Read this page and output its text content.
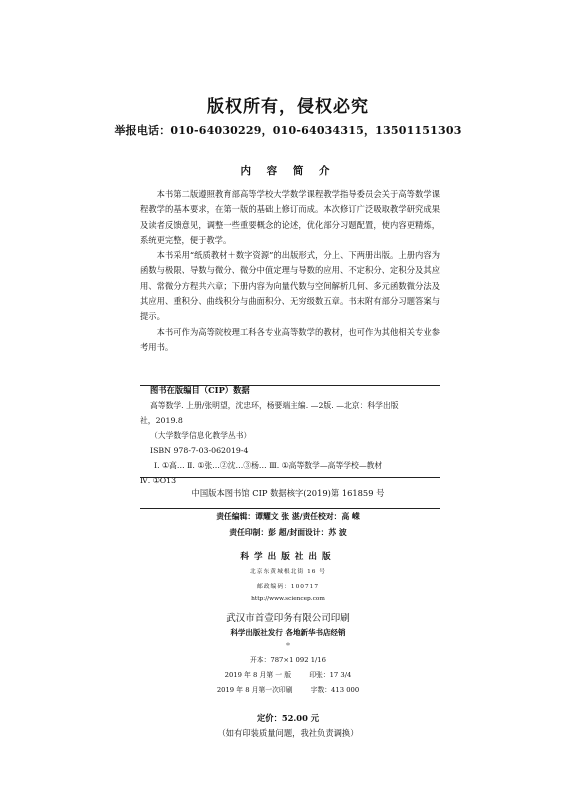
版权所有，侵权必究
举报电话：010-64030229，010-64034315，13501151303
内 容 简 介

本书第二版遵照教育部高等学校大学数学课程教学指导委员会关于高等数学课程教学的基本要求，在第一版的基础上修订而成。本次修订广泛吸取教学研究成果及读者反馈意见，调整一些重要概念的论述，优化部分习题配置，使内容更精炼，系统更完整，便于教学。

本书采用“纸质教材＋数字资源”的出版形式，分上、下两册出版。上册内容为函数与极限、导数与微分、微分中值定理与导数的应用、不定积分、定积分及其应用、常微分方程共六章；下册内容为向量代数与空间解析几何、多元函数微分法及其应用、重积分、曲线积分与曲面积分、无穷级数五章。书末附有部分习题答案与提示。

本书可作为高等院校理工科各专业高等数学的教材，也可作为其他相关专业参考用书。

图书在版编目（CIP）数据
高等数学. 上册/张明望，沈忠环，杨要端主编. —2版. —北京：科学出版
社，2019.8
（大学数学信息化教学丛书）
ISBN 978-7-03-062019-4
Ⅰ. ①高… Ⅱ. ①张…②沈…③杨… Ⅲ. ①高等数学—高等学校—教材
Ⅳ. ①O13
中国版本图书馆 CIP 数据核字(2019)第 161859 号
责任编辑：谭耀文 张 湛/责任校对：高 嵘
责任印制：彭 超/封面设计：苏 波
科学出版社出版
北京东黄城根北街 16 号
邮政编码：100717
http://www.sciencep.com
武汉市首壹印务有限公司印刷
科学出版社发行 各地新华书店经销
＊
开本：787×1 092 1/16
2019 年 8 月第 一 版	印张：17 3/4
2019 年 8 月第一次印刷	字数：413 000
定价：52.00 元
（如有印装质量问题，我社负责调换）
